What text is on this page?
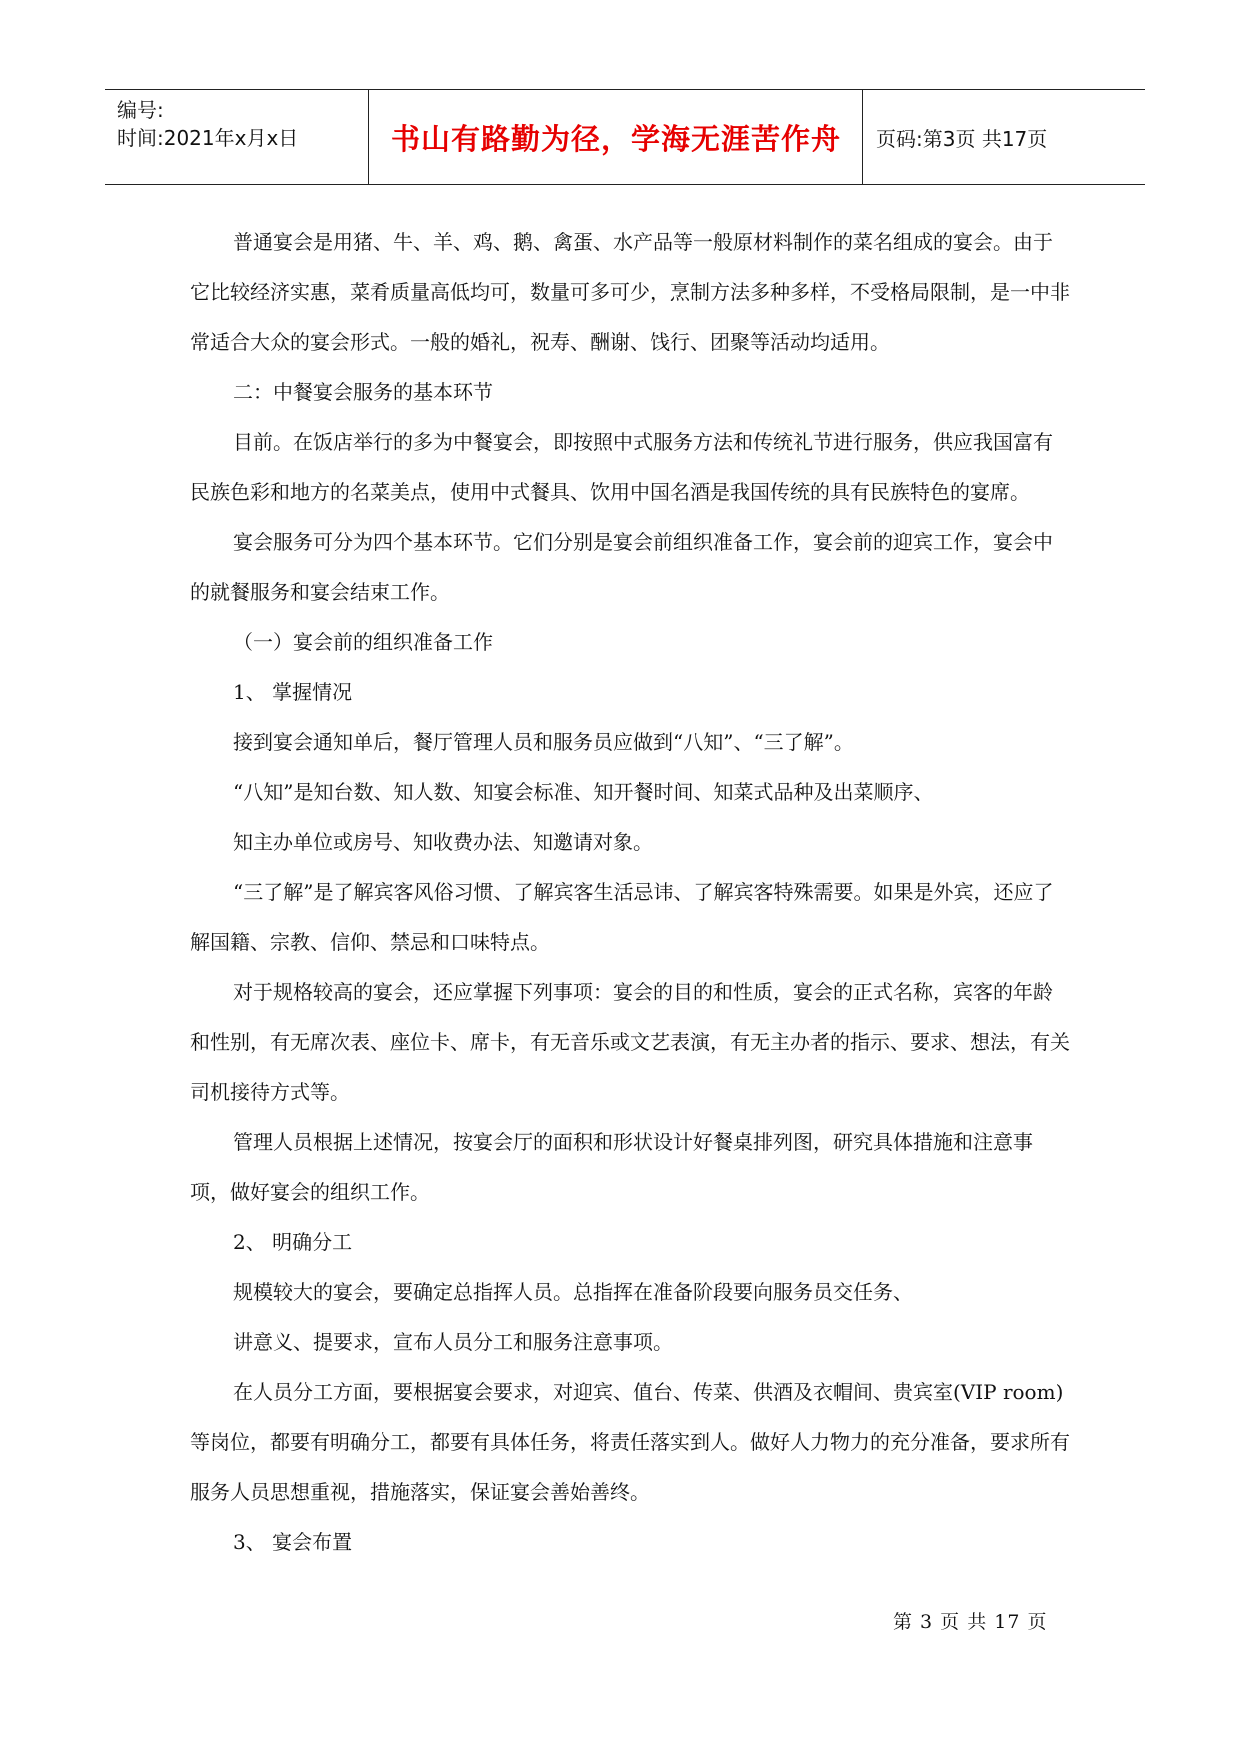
编号:
时间:2021年x月x日	书山有路勤为径，学海无涯苦作舟 页码:第3页 共17页

普通宴会是用猪、牛、羊、鸡、鹅、禽蛋、水产品等一般原材料制作的菜名组成的宴会。由于它比较经济实惠，菜肴质量高低均可，数量可多可少，烹制方法多种多样，不受格局限制，是一中非常适合大众的宴会形式。一般的婚礼，祝寿、酬谢、饯行、团聚等活动均适用。

二：中餐宴会服务的基本环节

目前。在饭店举行的多为中餐宴会，即按照中式服务方法和传统礼节进行服务，供应我国富有民族色彩和地方的名菜美点，使用中式餐具、饮用中国名酒是我国传统的具有民族特色的宴席。

宴会服务可分为四个基本环节。它们分别是宴会前组织准备工作，宴会前的迎宾工作，宴会中的就餐服务和宴会结束工作。

（一）宴会前的组织准备工作

1、 掌握情况

接到宴会通知单后，餐厅管理人员和服务员应做到“八知”、“三了解”。

“八知”是知台数、知人数、知宴会标准、知开餐时间、知菜式品种及出菜顺序、

知主办单位或房号、知收费办法、知邀请对象。

“三了解”是了解宾客风俗习惯、了解宾客生活忌讳、了解宾客特殊需要。如果是外宾，还应了解国籍、宗教、信仰、禁忌和口味特点。

对于规格较高的宴会，还应掌握下列事项：宴会的目的和性质，宴会的正式名称，宾客的年龄和性别，有无席次表、座位卡、席卡，有无音乐或文艺表演，有无主办者的指示、要求、想法，有关司机接待方式等。

管理人员根据上述情况，按宴会厅的面积和形状设计好餐桌排列图，研究具体措施和注意事项，做好宴会的组织工作。

2、 明确分工

规模较大的宴会，要确定总指挥人员。总指挥在准备阶段要向服务员交任务、

讲意义、提要求，宣布人员分工和服务注意事项。

在人员分工方面，要根据宴会要求，对迎宾、值台、传菜、供酒及衣帽间、贵宾室(VIP room)等岗位，都要有明确分工，都要有具体任务，将责任落实到人。做好人力物力的充分准备，要求所有服务人员思想重视，措施落实，保证宴会善始善终。

3、 宴会布置

第 3 页 共 17 页
